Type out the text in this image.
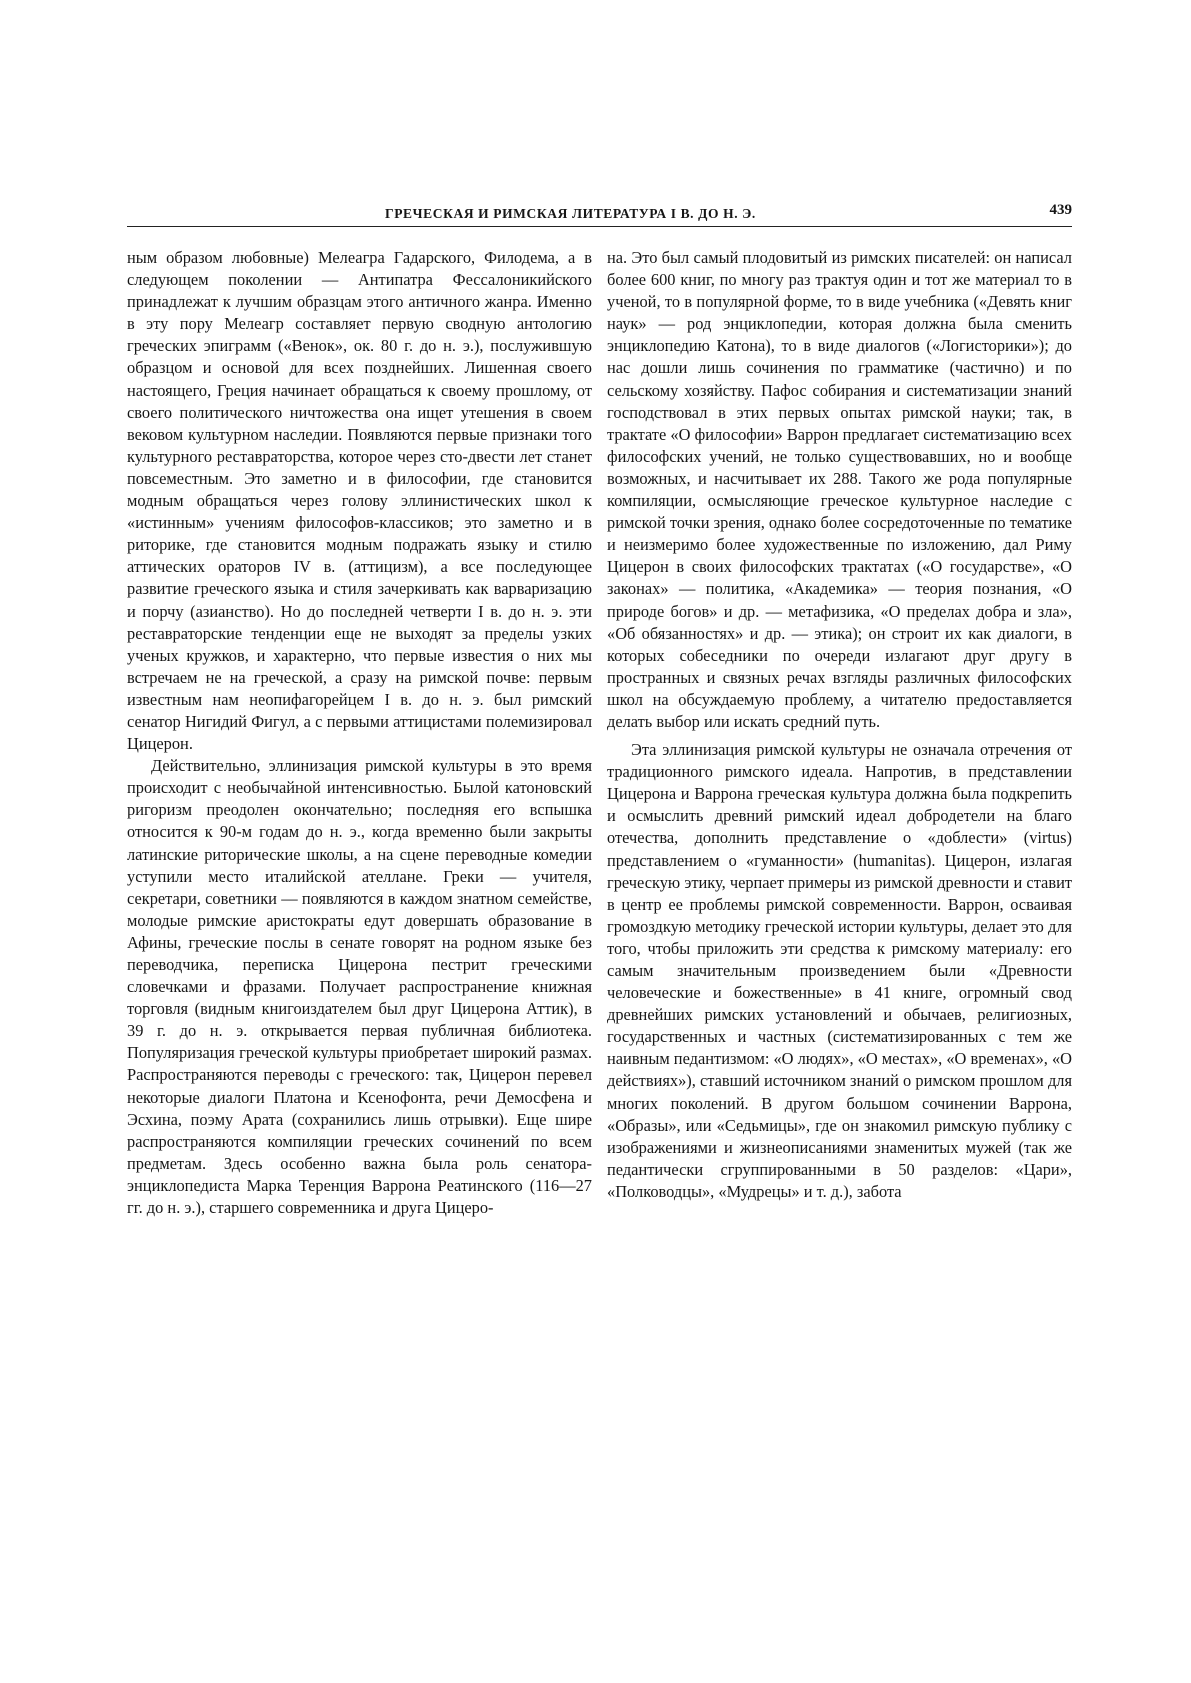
ГРЕЧЕСКАЯ И РИМСКАЯ ЛИТЕРАТУРА I В. ДО Н. Э.	439

ным образом любовные) Мелеагра Гадарского, Филодема, а в следующем поколении — Антипатра Фессалоникийского принадлежат к лучшим образцам этого античного жанра. Именно в эту пору Мелеагр составляет первую сводную антологию греческих эпиграмм («Венок», ок. 80 г. до н. э.), послужившую образцом и основой для всех позднейших. Лишенная своего настоящего, Греция начинает обращаться к своему прошлому, от своего политического ничтожества она ищет утешения в своем вековом культурном наследии. Появляются первые признаки того культурного реставраторства, которое через сто-двести лет станет повсеместным. Это заметно и в философии, где становится модным обращаться через голову эллинистических школ к «истинным» учениям философов-классиков; это заметно и в риторике, где становится модным подражать языку и стилю аттических ораторов IV в. (аттицизм), а все последующее развитие греческого языка и стиля зачеркивать как варваризацию и порчу (азианство). Но до последней четверти I в. до н. э. эти реставраторские тенденции еще не выходят за пределы узких ученых кружков, и характерно, что первые известия о них мы встречаем не на греческой, а сразу на римской почве: первым известным нам неопифагорейцем I в. до н. э. был римский сенатор Нигидий Фигул, а с первыми аттицистами полемизировал Цицерон.

Действительно, эллинизация римской культуры в это время происходит с необычайной интенсивностью. Былой катоновский ригоризм преодолен окончательно; последняя его вспышка относится к 90-м годам до н. э., когда временно были закрыты латинские риторические школы, а на сцене переводные комедии уступили место италийской ателлане. Греки — учителя, секретари, советники — появляются в каждом знатном семействе, молодые римские аристократы едут довершать образование в Афины, греческие послы в сенате говорят на родном языке без переводчика, переписка Цицерона пестрит греческими словечками и фразами. Получает распространение книжная торговля (видным книгоиздателем был друг Цицерона Аттик), в 39 г. до н. э. открывается первая публичная библиотека. Популяризация греческой культуры приобретает широкий размах. Распространяются переводы с греческого: так, Цицерон перевел некоторые диалоги Платона и Ксенофонта, речи Демосфена и Эсхина, поэму Арата (сохранились лишь отрывки). Еще шире распространяются компиляции греческих сочинений по всем предметам. Здесь особенно важна была роль сенатора-энциклопедиста Марка Теренция Варрона Реатинского (116—27 гг. до н. э.), старшего современника и друга Цицеро-

на. Это был самый плодовитый из римских писателей: он написал более 600 книг, по многу раз трактуя один и тот же материал то в ученой, то в популярной форме, то в виде учебника («Девять книг наук» — род энциклопедии, которая должна была сменить энциклопедию Катона), то в виде диалогов («Логисторики»); до нас дошли лишь сочинения по грамматике (частично) и по сельскому хозяйству. Пафос собирания и систематизации знаний господствовал в этих первых опытах римской науки; так, в трактате «О философии» Варрон предлагает систематизацию всех философских учений, не только существовавших, но и вообще возможных, и насчитывает их 288. Такого же рода популярные компиляции, осмысляющие греческое культурное наследие с римской точки зрения, однако более сосредоточенные по тематике и неизмеримо более художественные по изложению, дал Риму Цицерон в своих философских трактатах («О государстве», «О законах» — политика, «Академика» — теория познания, «О природе богов» и др. — метафизика, «О пределах добра и зла», «Об обязанностях» и др. — этика); он строит их как диалоги, в которых собеседники по очереди излагают друг другу в пространных и связных речах взгляды различных философских школ на обсуждаемую проблему, а читателю предоставляется делать выбор или искать средний путь.

Эта эллинизация римской культуры не означала отречения от традиционного римского идеала. Напротив, в представлении Цицерона и Варрона греческая культура должна была подкрепить и осмыслить древний римский идеал добродетели на благо отечества, дополнить представление о «доблести» (virtus) представлением о «гуманности» (humanitas). Цицерон, излагая греческую этику, черпает примеры из римской древности и ставит в центр ее проблемы римской современности. Варрон, осваивая громоздкую методику греческой истории культуры, делает это для того, чтобы приложить эти средства к римскому материалу: его самым значительным произведением были «Древности человеческие и божественные» в 41 книге, огромный свод древнейших римских установлений и обычаев, религиозных, государственных и частных (систематизированных с тем же наивным педантизмом: «О людях», «О местах», «О временах», «О действиях»), ставший источником знаний о римском прошлом для многих поколений. В другом большом сочинении Варрона, «Образы», или «Седьмицы», где он знакомил римскую публику с изображениями и жизнеописаниями знаменитых мужей (так же педантически сгруппированными в 50 разделов: «Цари», «Полководцы», «Мудрецы» и т. д.), забота
